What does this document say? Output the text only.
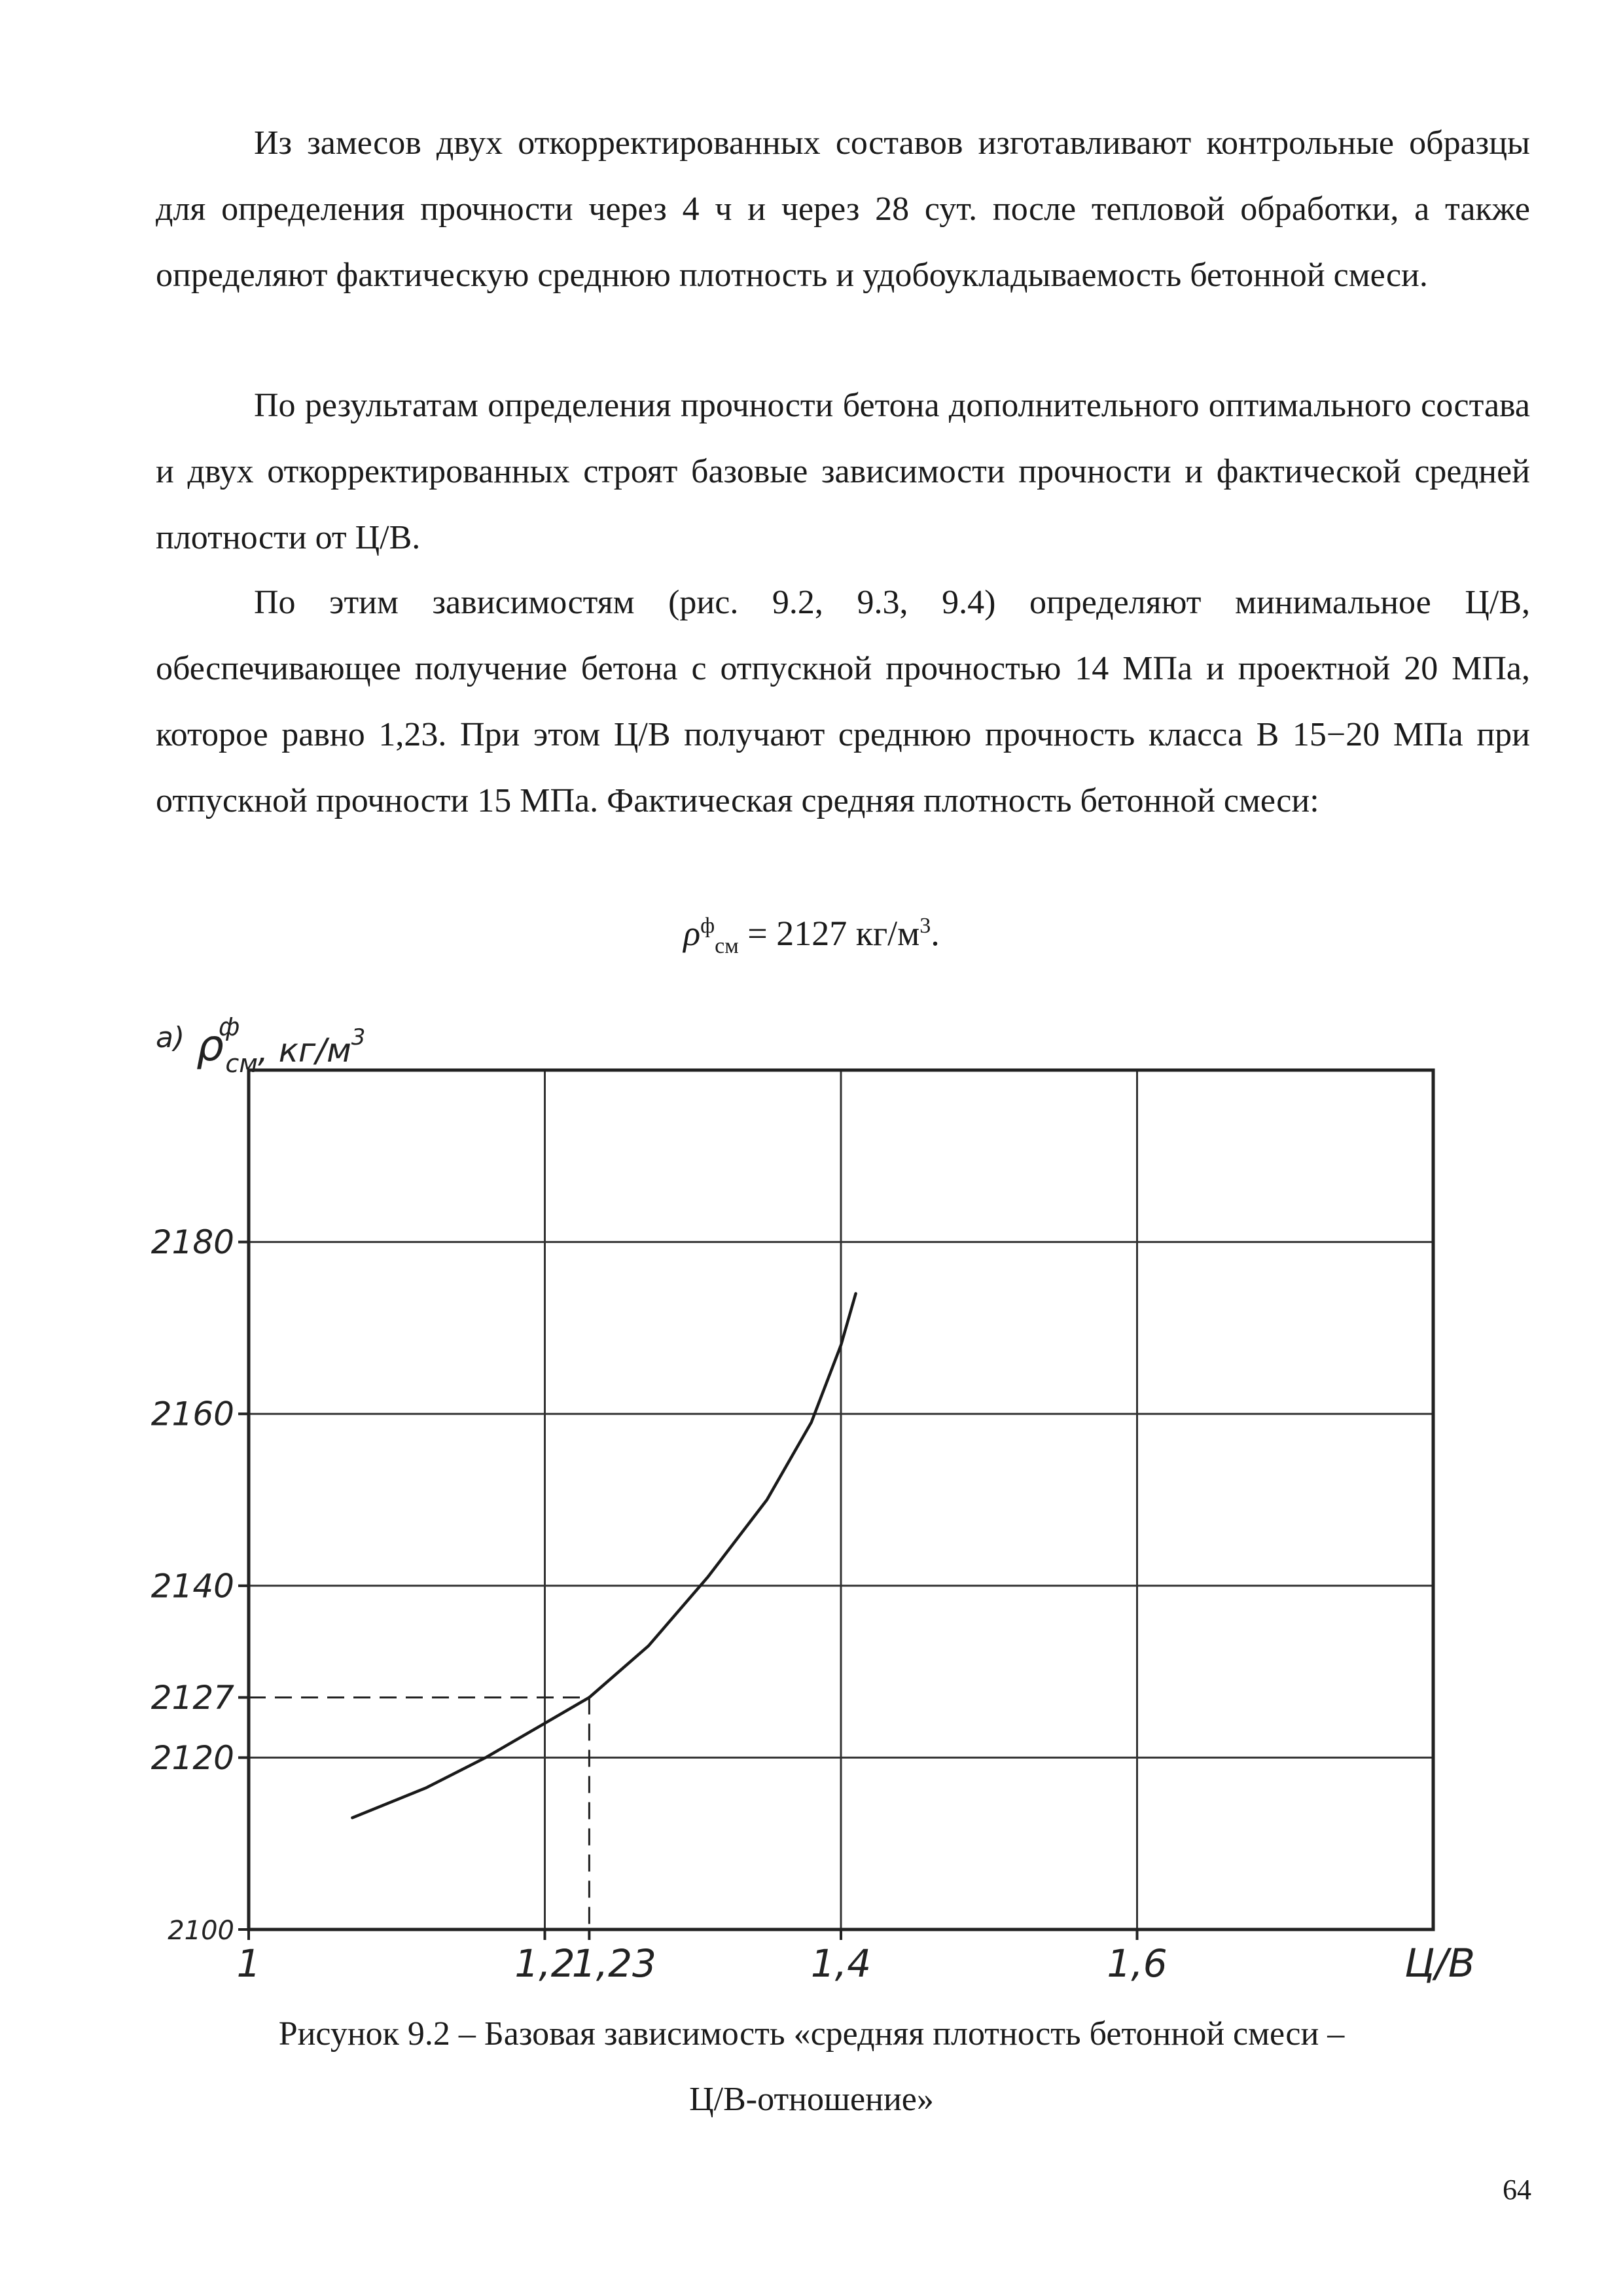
Из замесов двух откорректированных составов изготавливают контрольные образцы для определения прочности через 4 ч и через 28 сут. после тепловой обработки, а также определяют фактическую среднюю плотность и удобоукладываемость бетонной смеси.

По результатам определения прочности бетона дополнительного оптимального состава и двух откорректированных строят базовые зависимости прочности и фактической средней плотности от Ц/В.

По этим зависимостям (рис. 9.2, 9.3, 9.4) определяют минимальное Ц/В, обеспечивающее получение бетона с отпускной прочностью 14 МПа и проектной 20 МПа, которое равно 1,23. При этом Ц/В получают среднюю прочность класса В 15−20 МПа при отпускной прочности 15 МПа. Фактическая средняя плотность бетонной смеси:

$\rho^ф_{см} = 2127$ $кг/м^3$.
а) ρф $см^{, кг/м3}$
2100
2120
2127
2140
2160
2180
1	1,2
1,23	1,4	1,6	Ц/В
Рисунок 9.2 – Базовая зависимость «средняя плотность бетонной смеси –
Ц/В-отношение»
64
